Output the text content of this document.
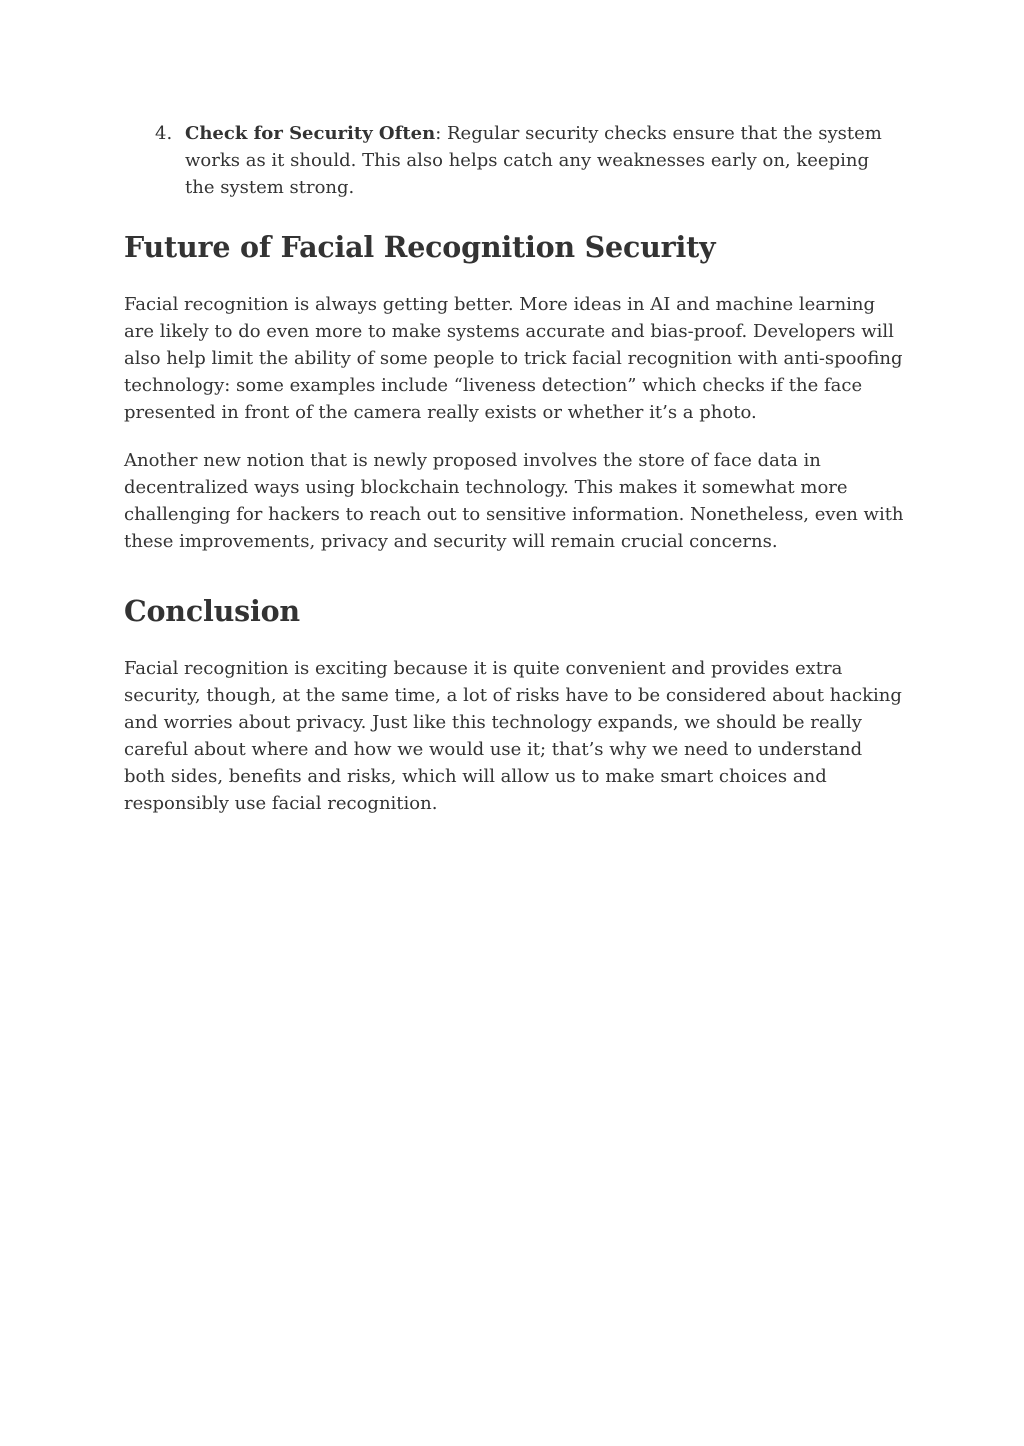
4. Check for Security Often: Regular security checks ensure that the system works as it should. This also helps catch any weaknesses early on, keeping the system strong.
Future of Facial Recognition Security

Facial recognition is always getting better. More ideas in AI and machine learning are likely to do even more to make systems accurate and bias-proof. Developers will also help limit the ability of some people to trick facial recognition with anti-spoofing technology: some examples include “liveness detection” which checks if the face presented in front of the camera really exists or whether it’s a photo.

Another new notion that is newly proposed involves the store of face data in decentralized ways using blockchain technology. This makes it somewhat more challenging for hackers to reach out to sensitive information. Nonetheless, even with these improvements, privacy and security will remain crucial concerns.

Conclusion

Facial recognition is exciting because it is quite convenient and provides extra security, though, at the same time, a lot of risks have to be considered about hacking and worries about privacy. Just like this technology expands, we should be really careful about where and how we would use it; that’s why we need to understand both sides, benefits and risks, which will allow us to make smart choices and responsibly use facial recognition.
